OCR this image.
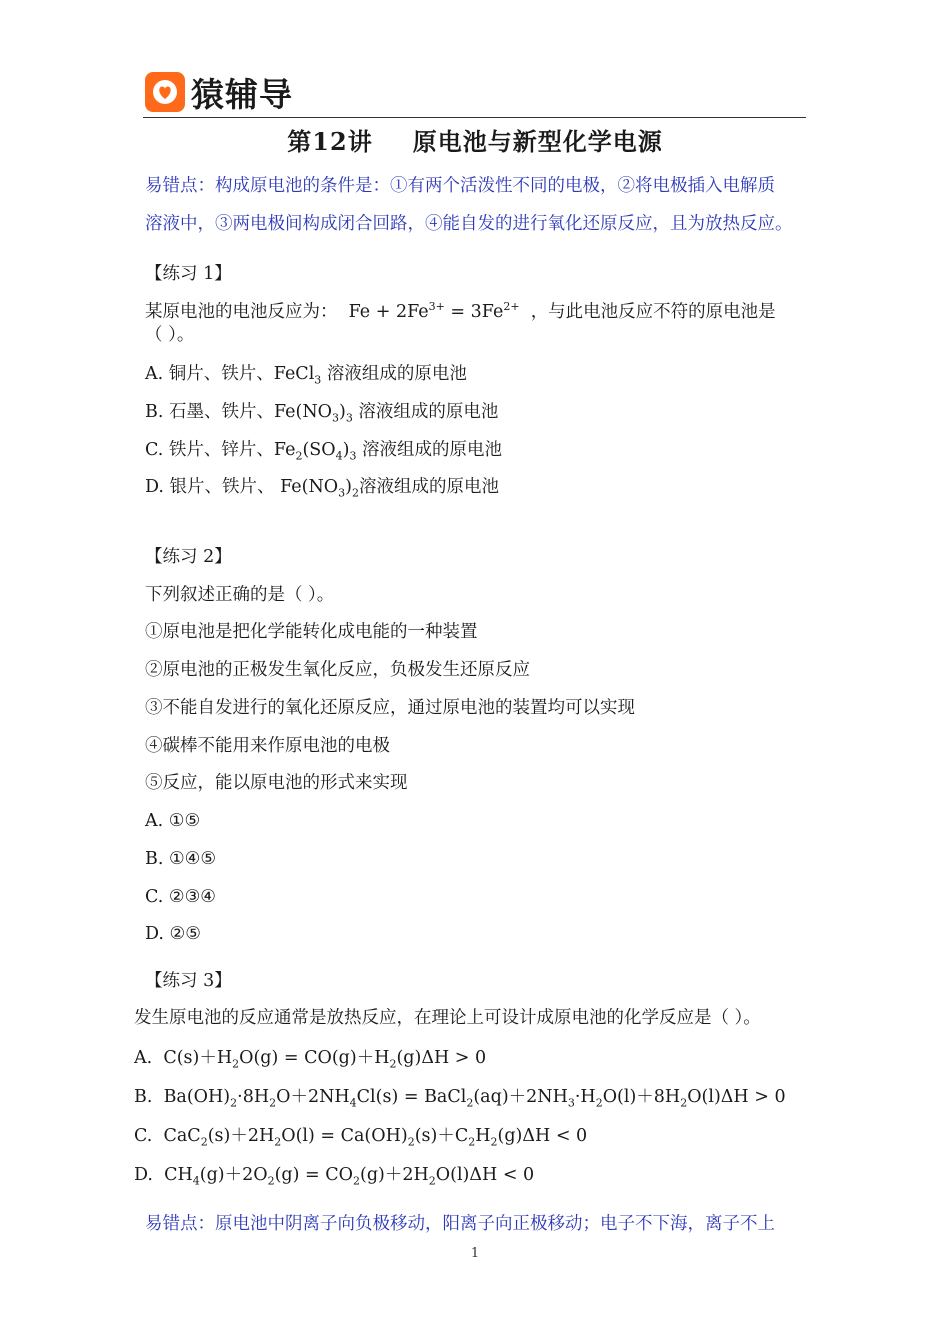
猿辅导
第12讲 原电池与新型化学电源
易错点：构成原电池的条件是：①有两个活泼性不同的电极，②将电极插入电解质
溶液中，③两电极间构成闭合回路，④能自发的进行氧化还原反应，且为放热反应。
【练习 1】
某原电池的电池反应为：  $Fe + 2Fe^{3+} = 3Fe^{2+}$ ，与此电池反应不符的原电池是
（ ）。
A. 铜片、铁片、FeCl$_3$ 溶液组成的原电池
B. 石墨、铁片、$Fe(NO_3)_3$ 溶液组成的原电池
C. 铁片、锌片、$Fe_2(SO_4)_3$ 溶液组成的原电池
D. 银片、铁片、 $Fe(NO_3)_2$溶液组成的原电池
【练习 2】
下列叙述正确的是（ ）。
①原电池是把化学能转化成电能的一种装置
②原电池的正极发生氧化反应，负极发生还原反应
③不能自发进行的氧化还原反应，通过原电池的装置均可以实现
④碳棒不能用来作原电池的电极
⑤反应，能以原电池的形式来实现
A. ①⑤
B. ①④⑤
C. ②③④
D. ②⑤
【练习 3】
发生原电池的反应通常是放热反应，在理论上可设计成原电池的化学反应是（ ）。
A.  $C(s)+H_2O(g) = CO(g)+H_2(g)\Delta H > 0$
B.  $Ba(OH)_2\cdot 8H_2O+2NH_4Cl(s)$ = $BaCl_2(aq)+2NH_3\cdot H_2O(l)+8H_2O(l)\Delta H > 0$
C.  $CaC_2(s)+2H_2O(l) = Ca(OH)_2(s)+C_2H_2(g)\Delta H < 0$
D.  $CH_4(g)+2O_2(g) = CO_2(g)+2H_2O(l)\Delta H < 0$
易错点：原电池中阴离子向负极移动，阳离子向正极移动；电子不下海，离子不上
1
